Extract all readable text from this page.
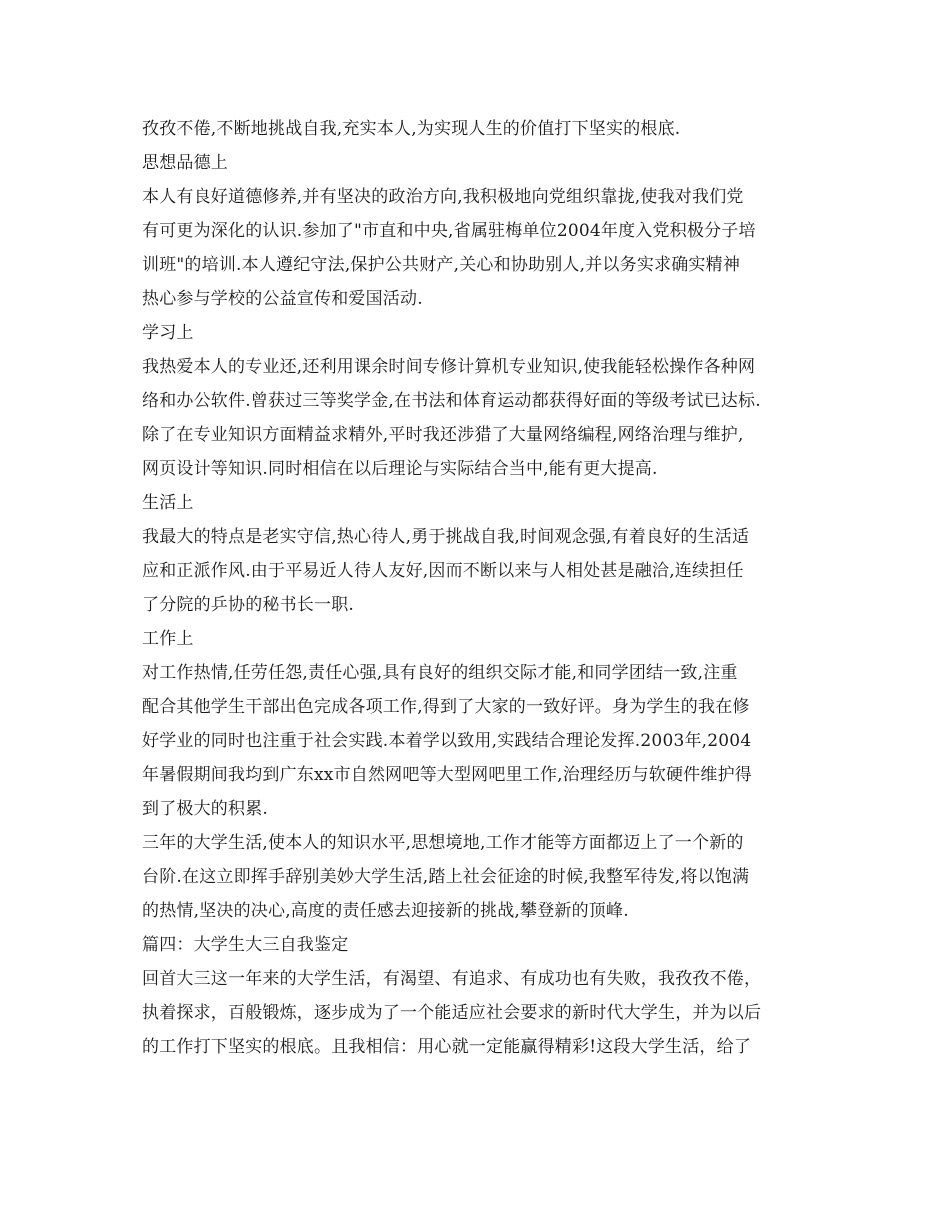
孜孜不倦,不断地挑战自我,充实本人,为实现人生的价值打下坚实的根底.
思想品德上
本人有良好道德修养,并有坚决的政治方向,我积极地向党组织靠拢,使我对我们党
有可更为深化的认识.参加了"市直和中央,省属驻梅单位2004年度入党积极分子培
训班"的培训.本人遵纪守法,保护公共财产,关心和协助别人,并以务实求确实精神
热心参与学校的公益宣传和爱国活动.
学习上
我热爱本人的专业还,还利用课余时间专修计算机专业知识,使我能轻松操作各种网
络和办公软件.曾获过三等奖学金,在书法和体育运动都获得好面的等级考试已达标.
除了在专业知识方面精益求精外,平时我还涉猎了大量网络编程,网络治理与维护,
网页设计等知识.同时相信在以后理论与实际结合当中,能有更大提高.
生活上
我最大的特点是老实守信,热心待人,勇于挑战自我,时间观念强,有着良好的生活适
应和正派作风.由于平易近人待人友好,因而不断以来与人相处甚是融洽,连续担任
了分院的乒协的秘书长一职.
工作上
对工作热情,任劳任怨,责任心强,具有良好的组织交际才能,和同学团结一致,注重
配合其他学生干部出色完成各项工作,得到了大家的一致好评。身为学生的我在修
好学业的同时也注重于社会实践.本着学以致用,实践结合理论发挥.2003年,2004
年暑假期间我均到广东xx市自然网吧等大型网吧里工作,治理经历与软硬件维护得
到了极大的积累.
三年的大学生活,使本人的知识水平,思想境地,工作才能等方面都迈上了一个新的
台阶.在这立即挥手辞别美妙大学生活,踏上社会征途的时候,我整军待发,将以饱满
的热情,坚决的决心,高度的责任感去迎接新的挑战,攀登新的顶峰.
篇四：大学生大三自我鉴定
回首大三这一年来的大学生活，有渴望、有追求、有成功也有失败，我孜孜不倦，
执着探求，百般锻炼，逐步成为了一个能适应社会要求的新时代大学生，并为以后
的工作打下坚实的根底。且我相信：用心就一定能赢得精彩!这段大学生活，给了
